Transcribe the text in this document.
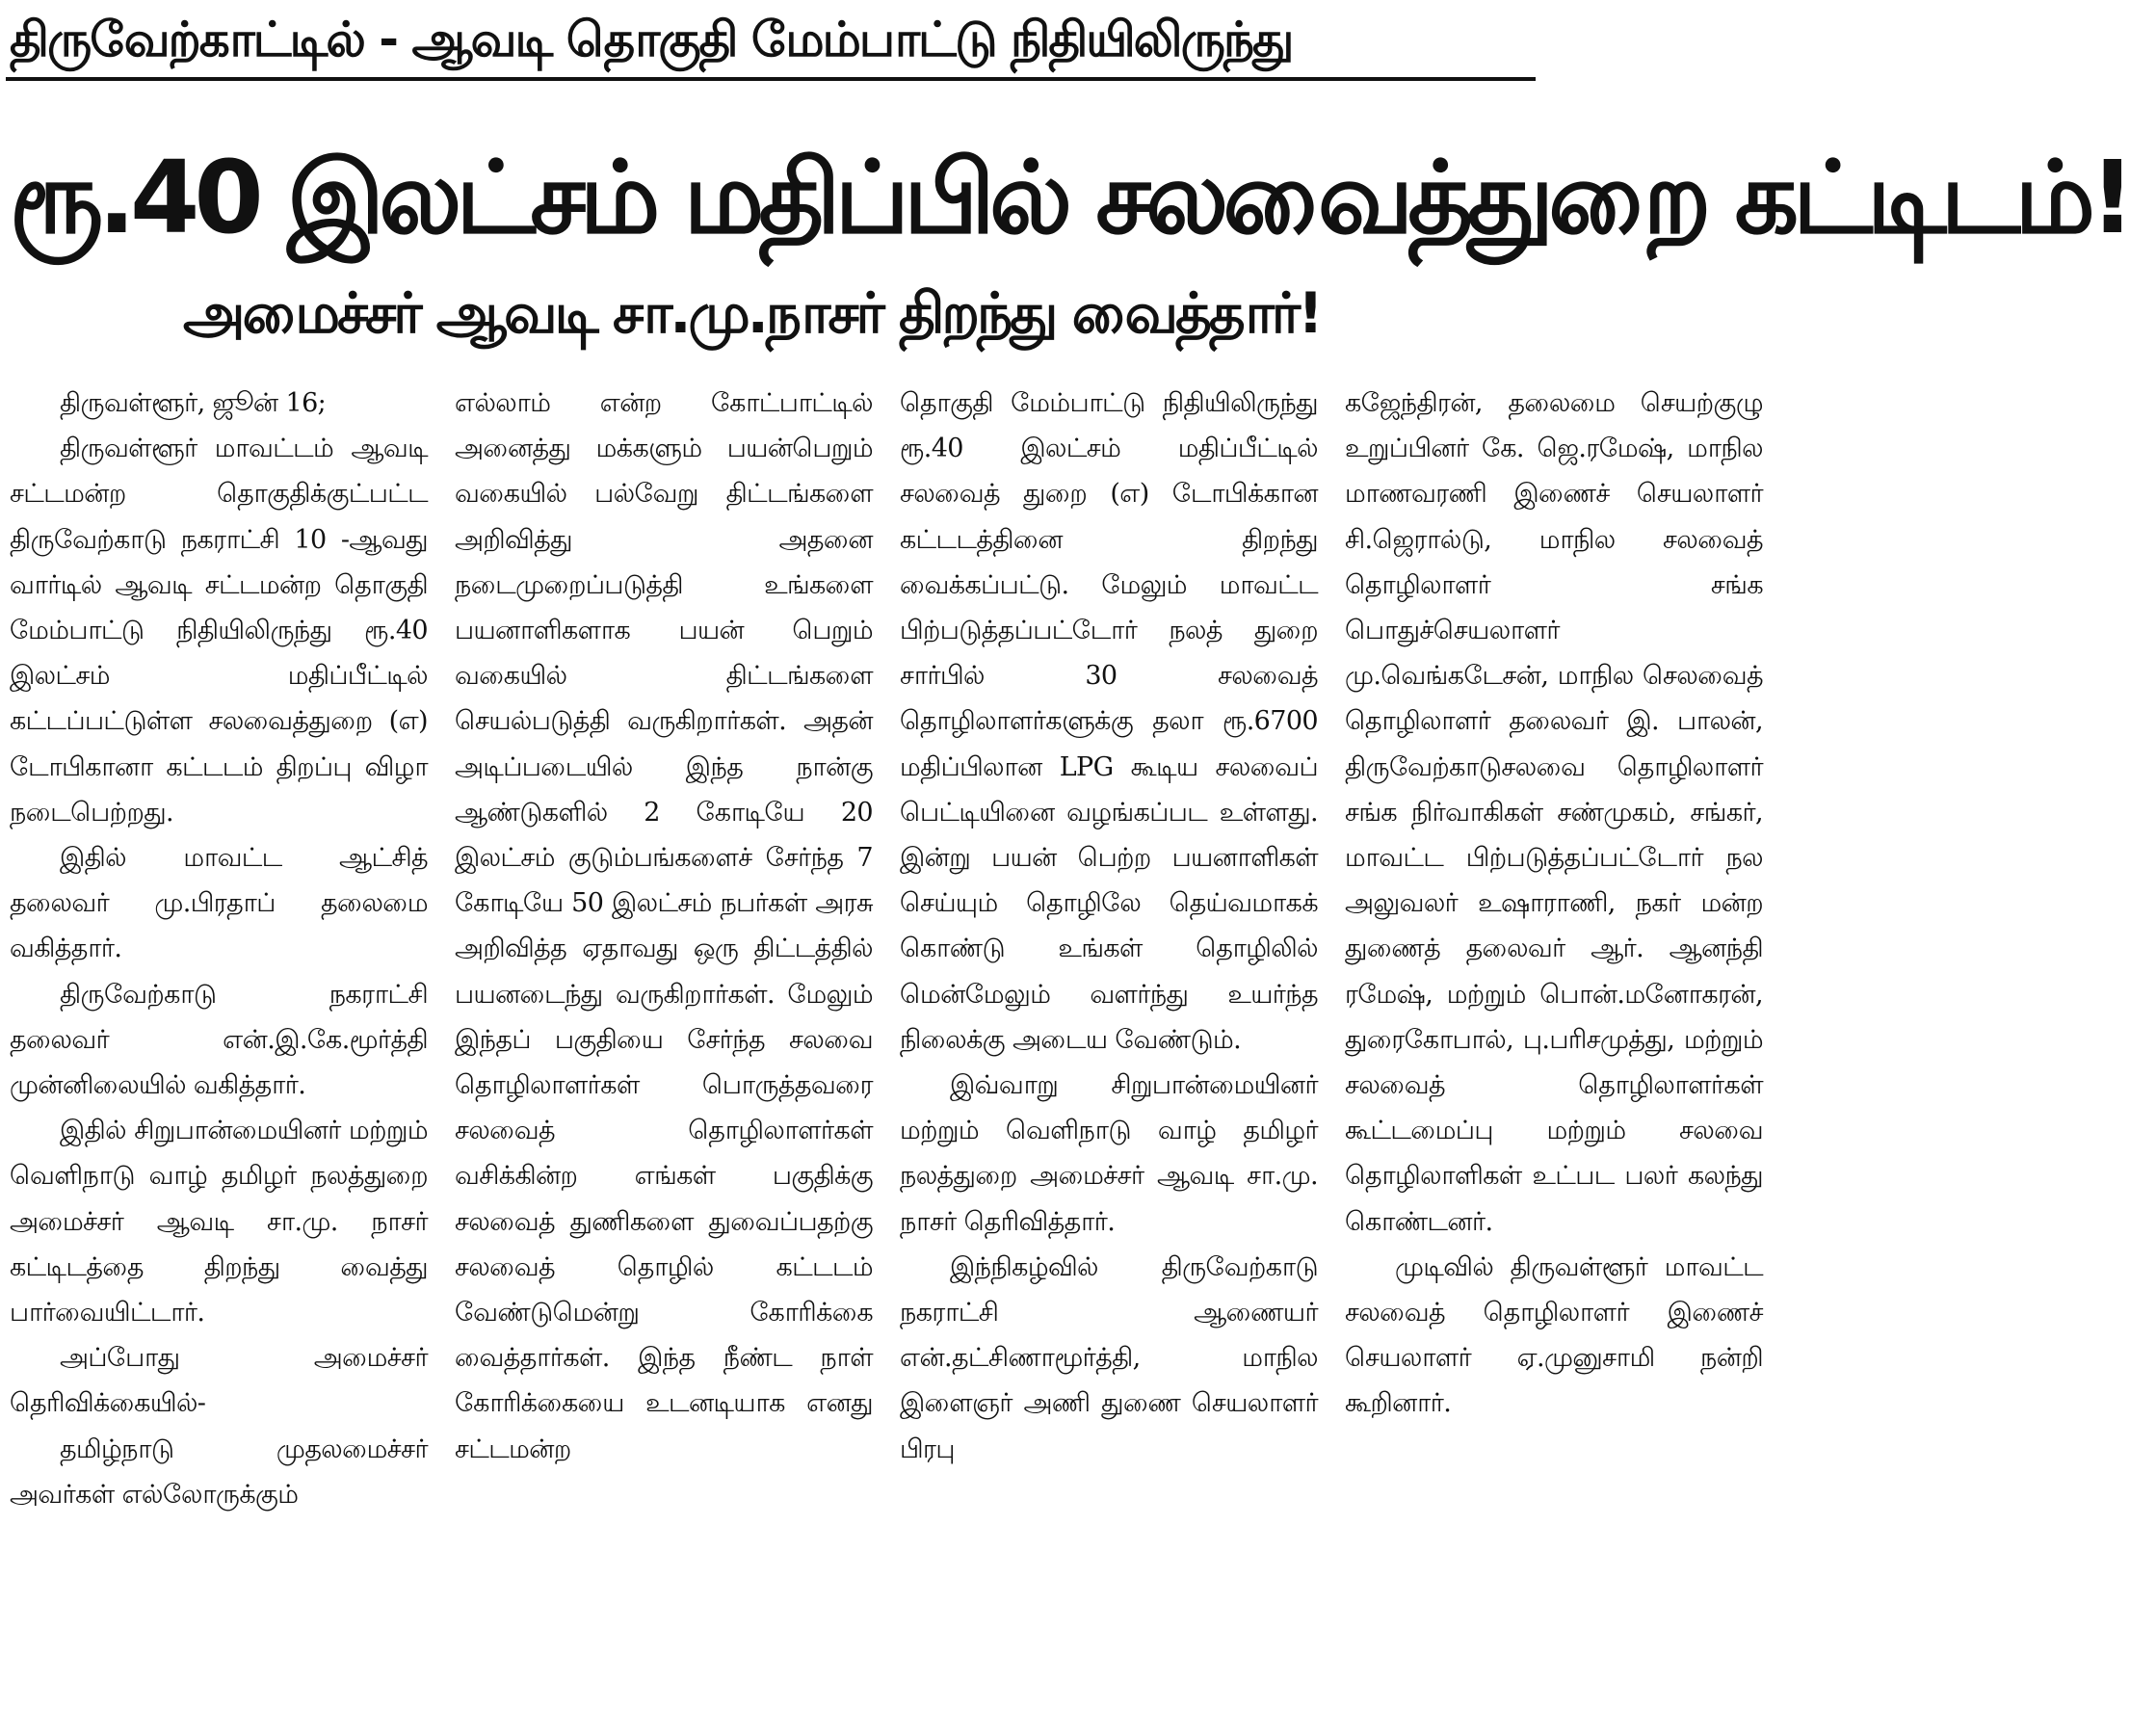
திருவேற்காட்டில் - ஆவடி தொகுதி மேம்பாட்டு நிதியிலிருந்து
ரூ.40 இலட்சம் மதிப்பில் சலவைத்துறை கட்டிடம்!
அமைச்சர் ஆவடி சா.மு.நாசர் திறந்து வைத்தார்!

திருவள்ளூர், ஜூன் 16;

திருவள்ளூர் மாவட்டம் ஆவடி சட்டமன்ற தொகுதிக்குட்பட்ட திருவேற்காடு நகராட்சி 10 -ஆவது வார்டில் ஆவடி சட்டமன்ற தொகுதி மேம்பாட்டு நிதியிலிருந்து ரூ.40 இலட்சம் மதிப்பீட்டில் கட்டப்பட்டுள்ள சலவைத்துறை (எ) டோபிகானா கட்டடம் திறப்பு விழா நடைபெற்றது.

இதில் மாவட்ட ஆட்சித் தலைவர் மு.பிரதாப் தலைமை வகித்தார்.

திருவேற்காடு நகராட்சி தலைவர் என்.இ.கே.மூர்த்தி முன்னிலையில் வகித்தார்.

இதில் சிறுபான்மையினர் மற்றும் வெளிநாடு வாழ் தமிழர் நலத்துறை அமைச்சர் ஆவடி சா.மு. நாசர் கட்டிடத்தை திறந்து வைத்து பார்வையிட்டார்.

அப்போது அமைச்சர் தெரிவிக்கையில்-

தமிழ்நாடு முதலமைச்சர் அவர்கள் எல்லோருக்கும்

எல்லாம் என்ற கோட்பாட்டில் அனைத்து மக்களும் பயன்பெறும் வகையில் பல்வேறு திட்டங்களை அறிவித்து அதனை நடைமுறைப்படுத்தி உங்களை பயனாளிகளாக பயன் பெறும் வகையில் திட்டங்களை செயல்படுத்தி வருகிறார்கள். அதன் அடிப்படையில் இந்த நான்கு ஆண்டுகளில் 2 கோடியே 20 இலட்சம் குடும்பங்களைச் சேர்ந்த 7 கோடியே 50 இலட்சம் நபர்கள் அரசு அறிவித்த ஏதாவது ஒரு திட்டத்தில் பயனடைந்து வருகிறார்கள். மேலும் இந்தப் பகுதியை சேர்ந்த சலவை தொழிலாளர்கள் பொருத்தவரை சலவைத் தொழிலாளர்கள் வசிக்கின்ற எங்கள் பகுதிக்கு சலவைத் துணிகளை துவைப்பதற்கு சலவைத் தொழில் கட்டடம் வேண்டுமென்று கோரிக்கை வைத்தார்கள். இந்த நீண்ட நாள் கோரிக்கையை உடனடியாக எனது சட்டமன்ற

தொகுதி மேம்பாட்டு நிதியிலிருந்து ரூ.40 இலட்சம் மதிப்பீட்டில் சலவைத் துறை (எ) டோபிக்கான கட்டடத்தினை திறந்து வைக்கப்பட்டு. மேலும் மாவட்ட பிற்படுத்தப்பட்டோர் நலத் துறை சார்பில் 30 சலவைத் தொழிலாளர்களுக்கு தலா ரூ.6700 மதிப்பிலான LPG கூடிய சலவைப் பெட்டியினை வழங்கப்பட உள்ளது. இன்று பயன் பெற்ற பயனாளிகள் செய்யும் தொழிலே தெய்வமாகக் கொண்டு உங்கள் தொழிலில் மென்மேலும் வளர்ந்து உயர்ந்த நிலைக்கு அடைய வேண்டும்.

இவ்வாறு சிறுபான்மையினர் மற்றும் வெளிநாடு வாழ் தமிழர் நலத்துறை அமைச்சர் ஆவடி சா.மு. நாசர் தெரிவித்தார்.

இந்நிகழ்வில் திருவேற்காடு நகராட்சி ஆணையர் என்.தட்சிணாமூர்த்தி, மாநில இளைஞர் அணி துணை செயலாளர் பிரபு

கஜேந்திரன், தலைமை செயற்குழு உறுப்பினர் கே. ஜெ.ரமேஷ், மாநில மாணவரணி இணைச் செயலாளர் சி.ஜெரால்டு, மாநில சலவைத் தொழிலாளர் சங்க பொதுச்செயலாளர் மு.வெங்கடேசன், மாநில செலவைத் தொழிலாளர் தலைவர் இ. பாலன், திருவேற்காடுசலவை தொழிலாளர் சங்க நிர்வாகிகள் சண்முகம், சங்கர், மாவட்ட பிற்படுத்தப்பட்டோர் நல அலுவலர் உஷாராணி, நகர் மன்ற துணைத் தலைவர் ஆர். ஆனந்தி ரமேஷ், மற்றும் பொன்.மனோகரன், துரைகோபால், பு.பரிசமுத்து, மற்றும் சலவைத் தொழிலாளர்கள் கூட்டமைப்பு மற்றும் சலவை தொழிலாளிகள் உட்பட பலர் கலந்து கொண்டனர்.

முடிவில் திருவள்ளூர் மாவட்ட சலவைத் தொழிலாளர் இணைச் செயலாளர் ஏ.முனுசாமி நன்றி கூறினார்.
